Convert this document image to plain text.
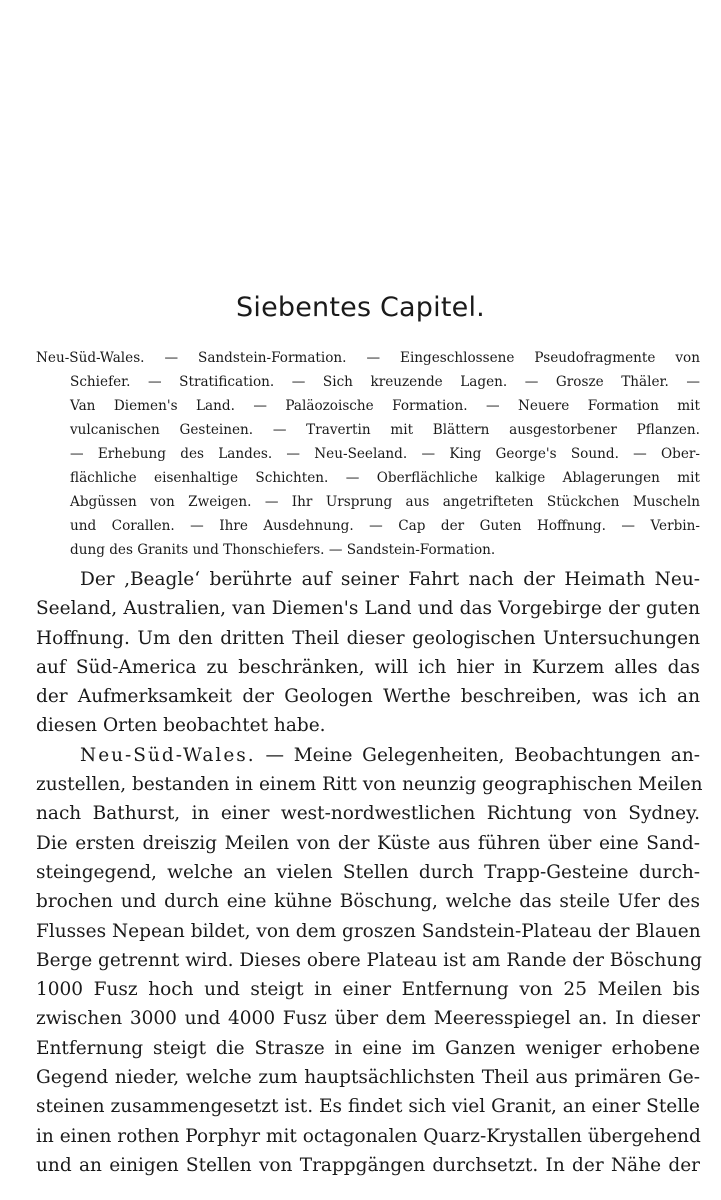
Siebentes Capitel.
Neu-Süd-Wales. — Sandstein-Formation. — Eingeschlossene Pseudofragmente von
Schiefer. — Stratification. — Sich kreuzende Lagen. — Grosze Thäler. —
Van Diemen's Land. — Paläozoische Formation. — Neuere Formation mit
vulcanischen Gesteinen. — Travertin mit Blättern ausgestorbener Pflanzen.
— Erhebung des Landes. — Neu-Seeland. — King George's Sound. — Ober-
flächliche eisenhaltige Schichten. — Oberflächliche kalkige Ablagerungen mit
Abgüssen von Zweigen. — Ihr Ursprung aus angetrifteten Stückchen Muscheln
und Corallen. — Ihre Ausdehnung. — Cap der Guten Hoffnung. — Verbin-
dung des Granits und Thonschiefers. — Sandstein-Formation.
Der ‚Beagle‘ berührte auf seiner Fahrt nach der Heimath Neu-
Seeland, Australien, van Diemen's Land und das Vorgebirge der guten
Hoffnung. Um den dritten Theil dieser geologischen Untersuchungen
auf Süd-America zu beschränken, will ich hier in Kurzem alles das
der Aufmerksamkeit der Geologen Werthe beschreiben, was ich an
diesen Orten beobachtet habe.
Neu-Süd-Wales. — Meine Gelegenheiten, Beobachtungen an-
zustellen, bestanden in einem Ritt von neunzig geographischen Meilen
nach Bathurst, in einer west-nordwestlichen Richtung von Sydney.
Die ersten dreiszig Meilen von der Küste aus führen über eine Sand-
steingegend, welche an vielen Stellen durch Trapp-Gesteine durch-
brochen und durch eine kühne Böschung, welche das steile Ufer des
Flusses Nepean bildet, von dem groszen Sandstein-Plateau der Blauen
Berge getrennt wird. Dieses obere Plateau ist am Rande der Böschung
1000 Fusz hoch und steigt in einer Entfernung von 25 Meilen bis
zwischen 3000 und 4000 Fusz über dem Meeresspiegel an. In dieser
Entfernung steigt die Strasze in eine im Ganzen weniger erhobene
Gegend nieder, welche zum hauptsächlichsten Theil aus primären Ge-
steinen zusammengesetzt ist. Es findet sich viel Granit, an einer Stelle
in einen rothen Porphyr mit octagonalen Quarz-Krystallen übergehend
und an einigen Stellen von Trappgängen durchsetzt. In der Nähe der
